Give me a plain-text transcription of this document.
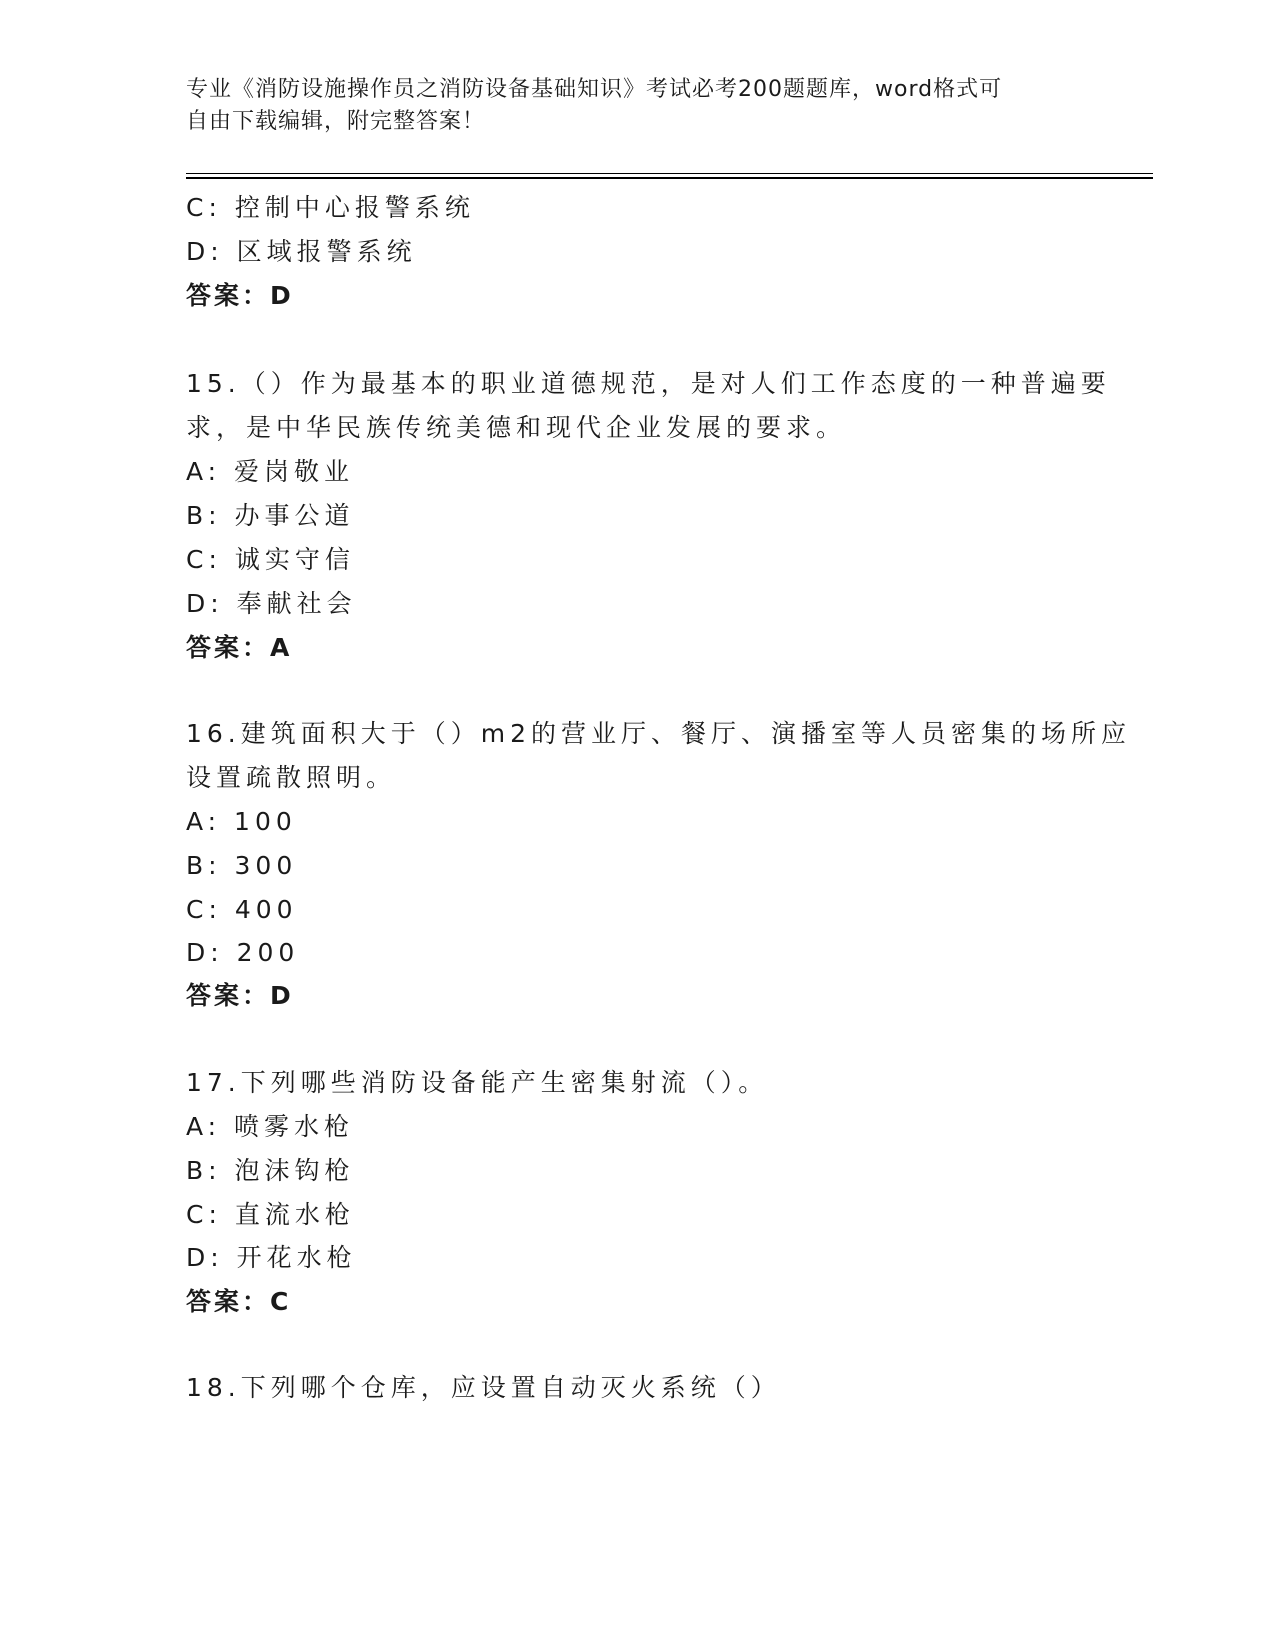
专业《消防设施操作员之消防设备基础知识》考试必考200题题库，word格式可
自由下载编辑，附完整答案！
C: 控制中心报警系统
D: 区域报警系统
答案：D
15.（）作为最基本的职业道德规范，是对人们工作态度的一种普遍要
求，是中华民族传统美德和现代企业发展的要求。
A: 爱岗敬业
B: 办事公道
C: 诚实守信
D: 奉献社会
答案：A
16.建筑面积大于（）m2的营业厅、餐厅、演播室等人员密集的场所应
设置疏散照明。
A: 100
B: 300
C: 400
D: 200
答案：D
17.下列哪些消防设备能产生密集射流（）。
A: 喷雾水枪
B: 泡沫钩枪
C: 直流水枪
D: 开花水枪
答案：C
18.下列哪个仓库，应设置自动灭火系统（）
